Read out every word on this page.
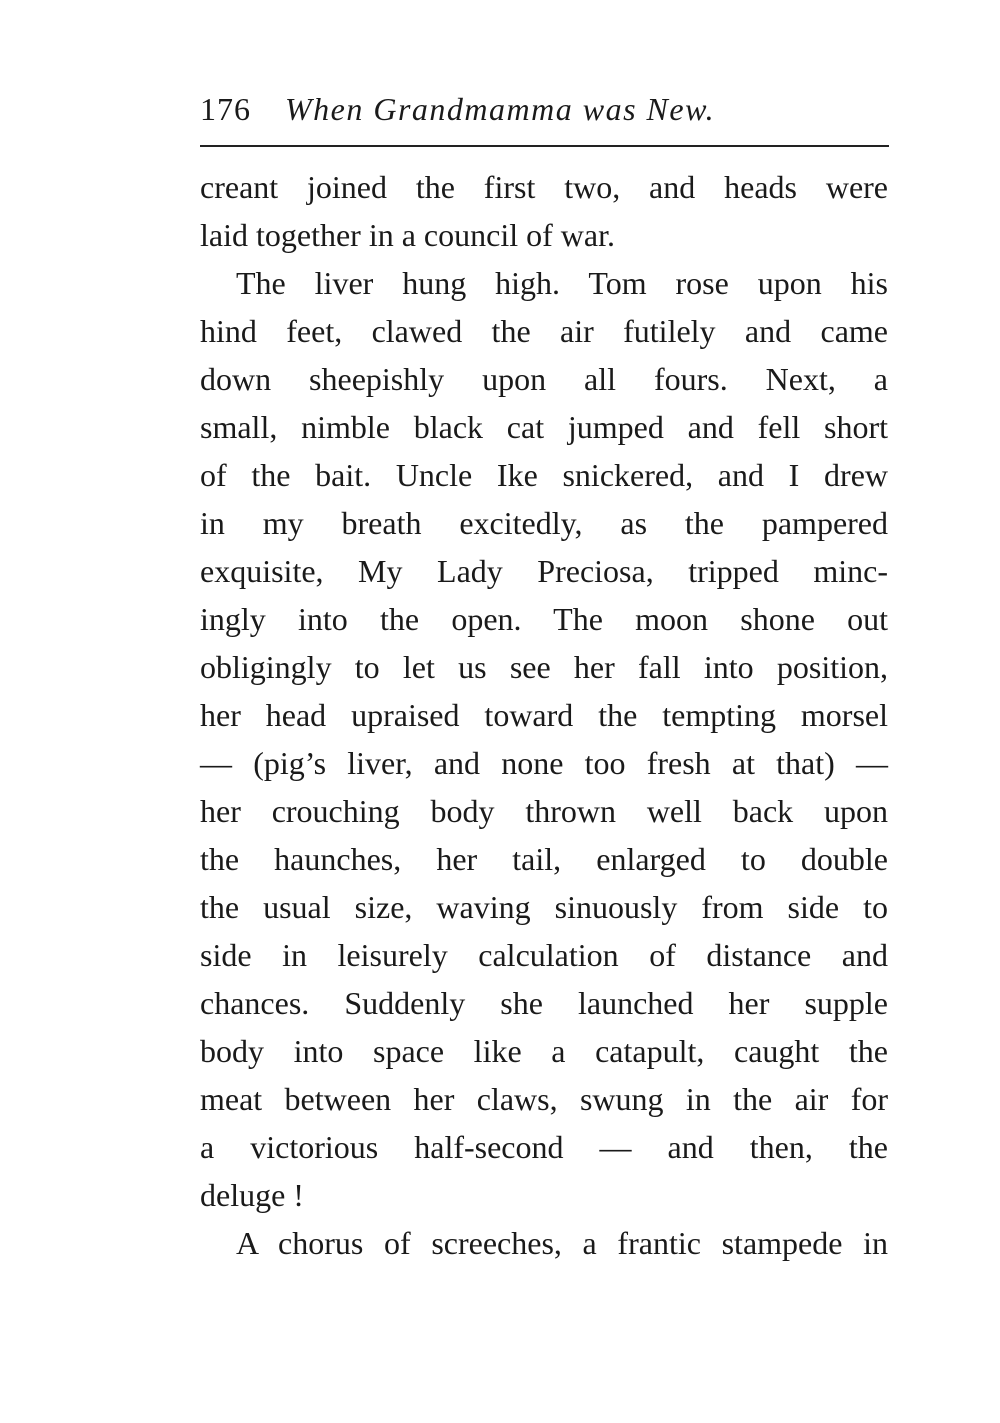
176 When Grandmamma was New.
creant joined the first two, and heads were
laid together in a council of war.
The liver hung high. Tom rose upon his
hind feet, clawed the air futilely and came
down sheepishly upon all fours. Next, a
small, nimble black cat jumped and fell short
of the bait. Uncle Ike snickered, and I drew
in my breath excitedly, as the pampered
exquisite, My Lady Preciosa, tripped minc-
ingly into the open. The moon shone out
obligingly to let us see her fall into position,
her head upraised toward the tempting morsel
— (pig’s liver, and none too fresh at that) —
her crouching body thrown well back upon
the haunches, her tail, enlarged to double
the usual size, waving sinuously from side to
side in leisurely calculation of distance and
chances. Suddenly she launched her supple
body into space like a catapult, caught the
meat between her claws, swung in the air for
a victorious half-second — and then, the
deluge !
A chorus of screeches, a frantic stampede in
